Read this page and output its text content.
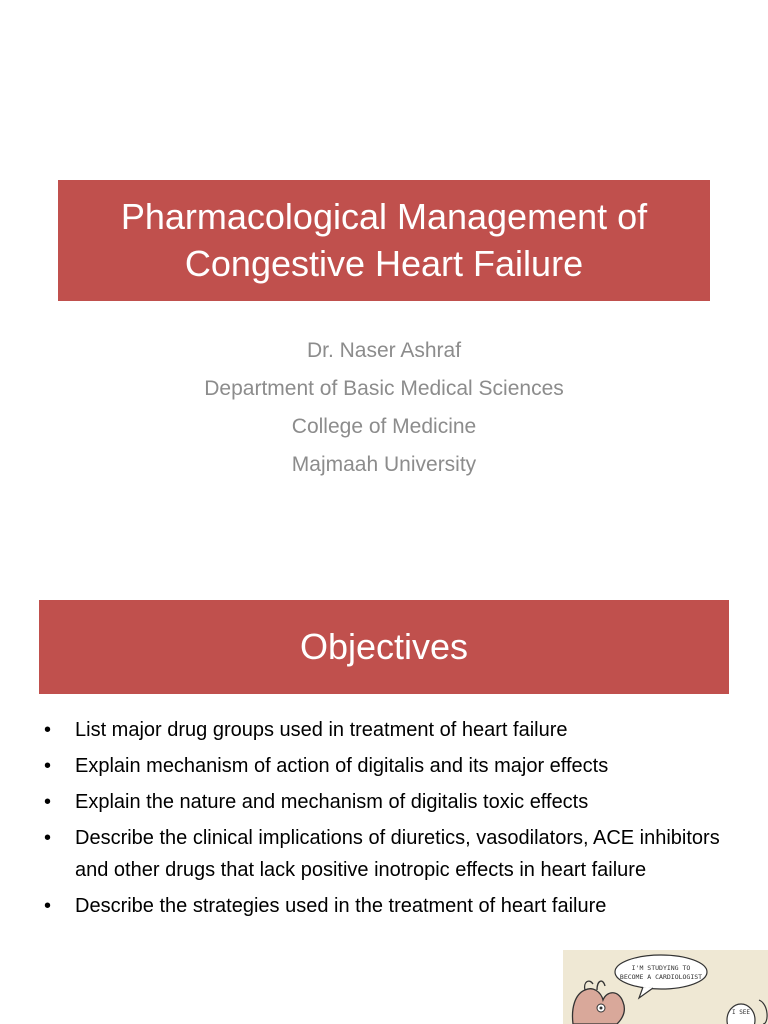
Pharmacological Management of
Congestive Heart Failure
Dr. Naser Ashraf
Department of Basic Medical Sciences
College of Medicine
Majmaah University
Objectives
• List major drug groups used in treatment of heart failure
• Explain mechanism of action of digitalis and its major effects
• Explain the nature and mechanism of digitalis toxic effects
• Describe the clinical implications of diuretics, vasodilators, ACE inhibitors and other drugs that lack positive inotropic effects in heart failure
• Describe the strategies used in the treatment of heart failure
I'M STUDYING TO
BECOME A CARDIOLOGIST
I SEE
